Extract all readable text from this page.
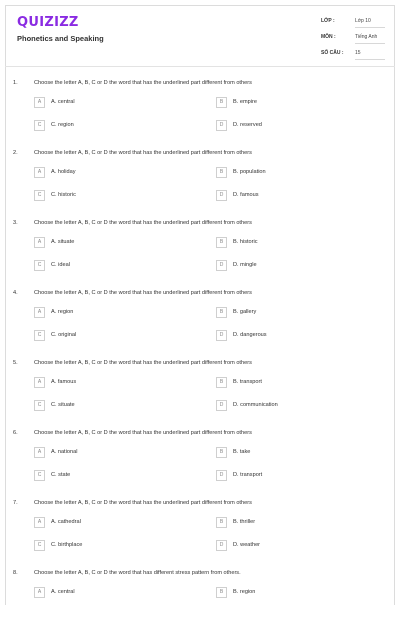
QUIZIZZ
Phonetics and Speaking
LỚP :	Lớp 10
MÔN :	Tiếng Anh
SỐ CÂU : 15
1.	Choose the letter A, B, C or D the word that has the underlined part different from others
A	A. central	B	B. empire
C	C. region	D	D. reserved
2.	Choose the letter A, B, C or D the word that has the underlined part different from others
A	A. holiday	B	B. population
C	C. historic	D	D. famous
3.	Choose the letter A, B, C or D the word that has the underlined part different from others
A	A. situate	B	B. historic
C	C. ideal	D	D. mingle
4.	Choose the letter A, B, C or D the word that has the underlined part different from others
A	A. region	B	B. gallery
C	C. original	D	D. dangerous
5.	Choose the letter A, B, C or D the word that has the underlined part different from others
A	A. famous	B	B. transport
C	C. situate	D	D. communication
6.	Choose the letter A, B, C or D the word that has the underlined part different from others
A	A. national	B	B. take
C	C. state	D	D. transport
7.	Choose the letter A, B, C or D the word that has the underlined part different from others
A	A. cathedral	B	B. thriller
C	C. birthplace	D	D. weather
8.	Choose the letter A, B, C or D the word that has different stress pattern from others.
A	A. central	B	B. region
